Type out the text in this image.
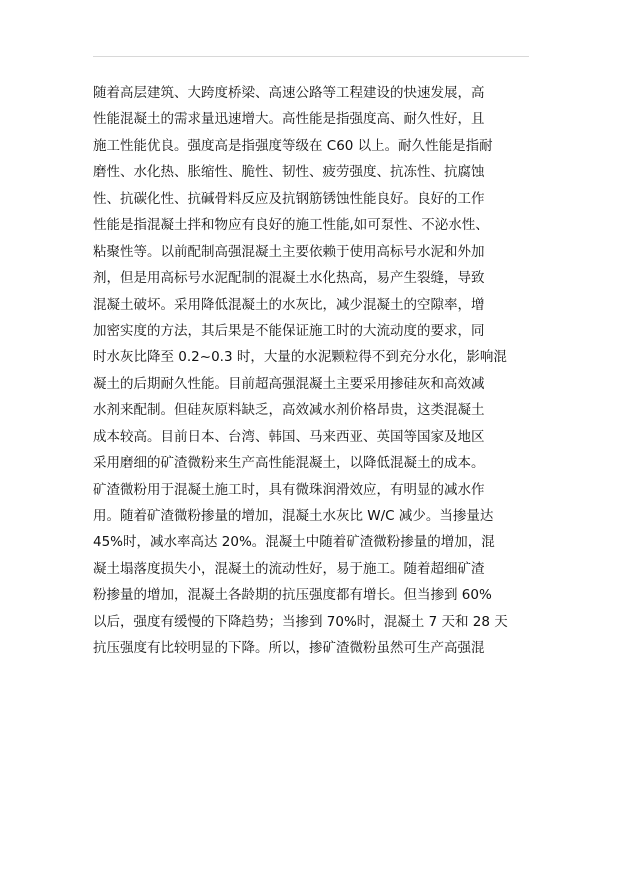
随着高层建筑、大跨度桥梁、高速公路等工程建设的快速发展，高
性能混凝土的需求量迅速增大。高性能是指强度高、耐久性好，且
施工性能优良。强度高是指强度等级在 C60 以上。耐久性能是指耐
磨性、水化热、胀缩性、脆性、韧性、疲劳强度、抗冻性、抗腐蚀
性、抗碳化性、抗碱骨料反应及抗钢筋锈蚀性能良好。良好的工作
性能是指混凝土拌和物应有良好的施工性能,如可泵性、不泌水性、
粘聚性等。以前配制高强混凝土主要依赖于使用高标号水泥和外加
剂，但是用高标号水泥配制的混凝土水化热高，易产生裂缝，导致
混凝土破坏。采用降低混凝土的水灰比，减少混凝土的空隙率，增
加密实度的方法，其后果是不能保证施工时的大流动度的要求，同
时水灰比降至 0.2~0.3 时，大量的水泥颗粒得不到充分水化，影响混
凝土的后期耐久性能。目前超高强混凝土主要采用掺硅灰和高效减
水剂来配制。但硅灰原料缺乏，高效减水剂价格昂贵，这类混凝土
成本较高。目前日本、台湾、韩国、马来西亚、英国等国家及地区
采用磨细的矿渣微粉来生产高性能混凝土，以降低混凝土的成本。
矿渣微粉用于混凝土施工时，具有微珠润滑效应，有明显的减水作
用。随着矿渣微粉掺量的增加，混凝土水灰比 W/C 减少。当掺量达
45%时，减水率高达 20%。混凝土中随着矿渣微粉掺量的增加，混
凝土塌落度损失小，混凝土的流动性好，易于施工。随着超细矿渣
粉掺量的增加，混凝土各龄期的抗压强度都有增长。但当掺到 60%
以后，强度有缓慢的下降趋势；当掺到 70%时，混凝土 7 天和 28 天
抗压强度有比较明显的下降。所以，掺矿渣微粉虽然可生产高强混
